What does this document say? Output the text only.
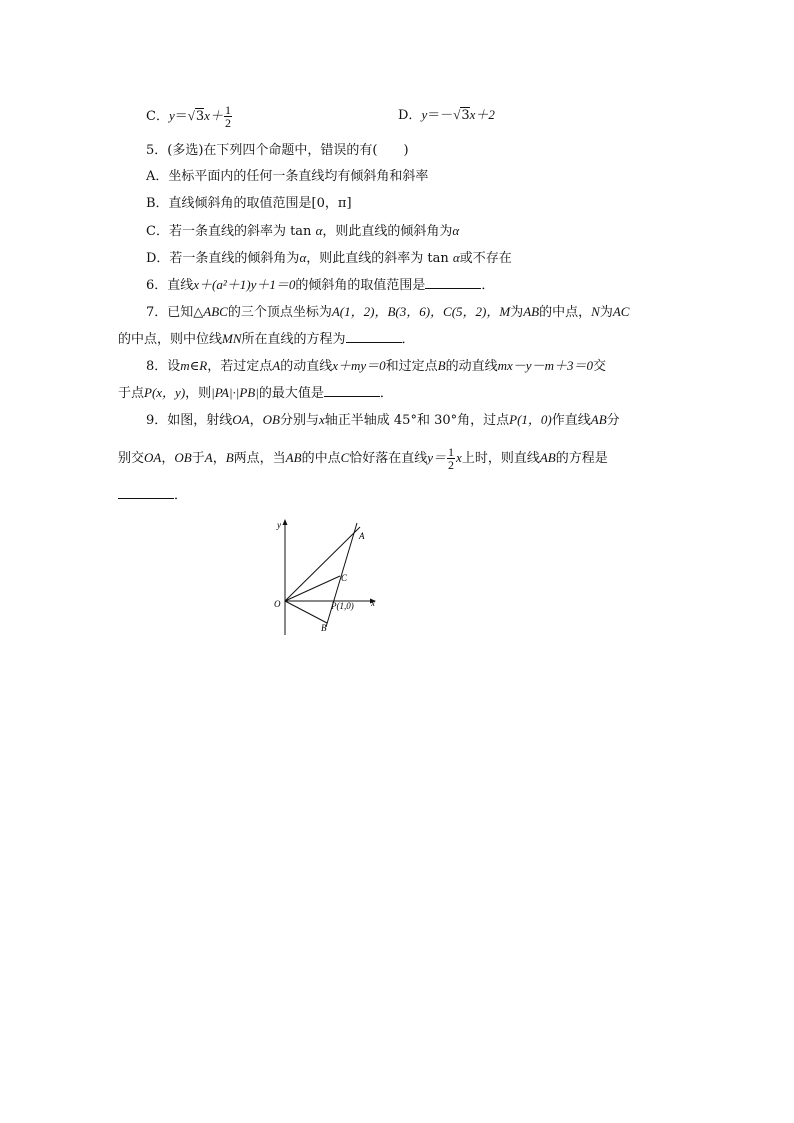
C．$y=√3x+ \frac{1}{2}$	D．y＝－√3x＋2
5．(多选)在下列四个命题中，错误的有(　　)
A．坐标平面内的任何一条直线均有倾斜角和斜率
B．直线倾斜角的取值范围是[0，π]
C．若一条直线的斜率为 tan α，则此直线的倾斜角为α
D．若一条直线的倾斜角为α，则此直线的斜率为 tan α或不存在
6．直线x＋(a²＋1)y＋1＝0的倾斜角的取值范围是	．
7．已知△ABC的三个顶点坐标为A(1，2)，B(3，6)，C(5，2)，M为AB的中点，N为AC
的中点，则中位线MN所在直线的方程为	．
8．设m∈R，若过定点A的动直线x＋my＝0和过定点B的动直线mx－y－m＋3＝0交
于点P(x，y)，则|PA|·|PB|的最大值是	．
9．如图，射线OA，OB分别与x轴正半轴成 45°和 30°角，过点P(1，0)作直线AB分
别交OA，OB于A，B两点，当AB的中点C恰好落在直线$y= \frac{1}{2}$ x上时，则直线AB的方程是
．
y
x
O
A
C
P(1,0)
B
